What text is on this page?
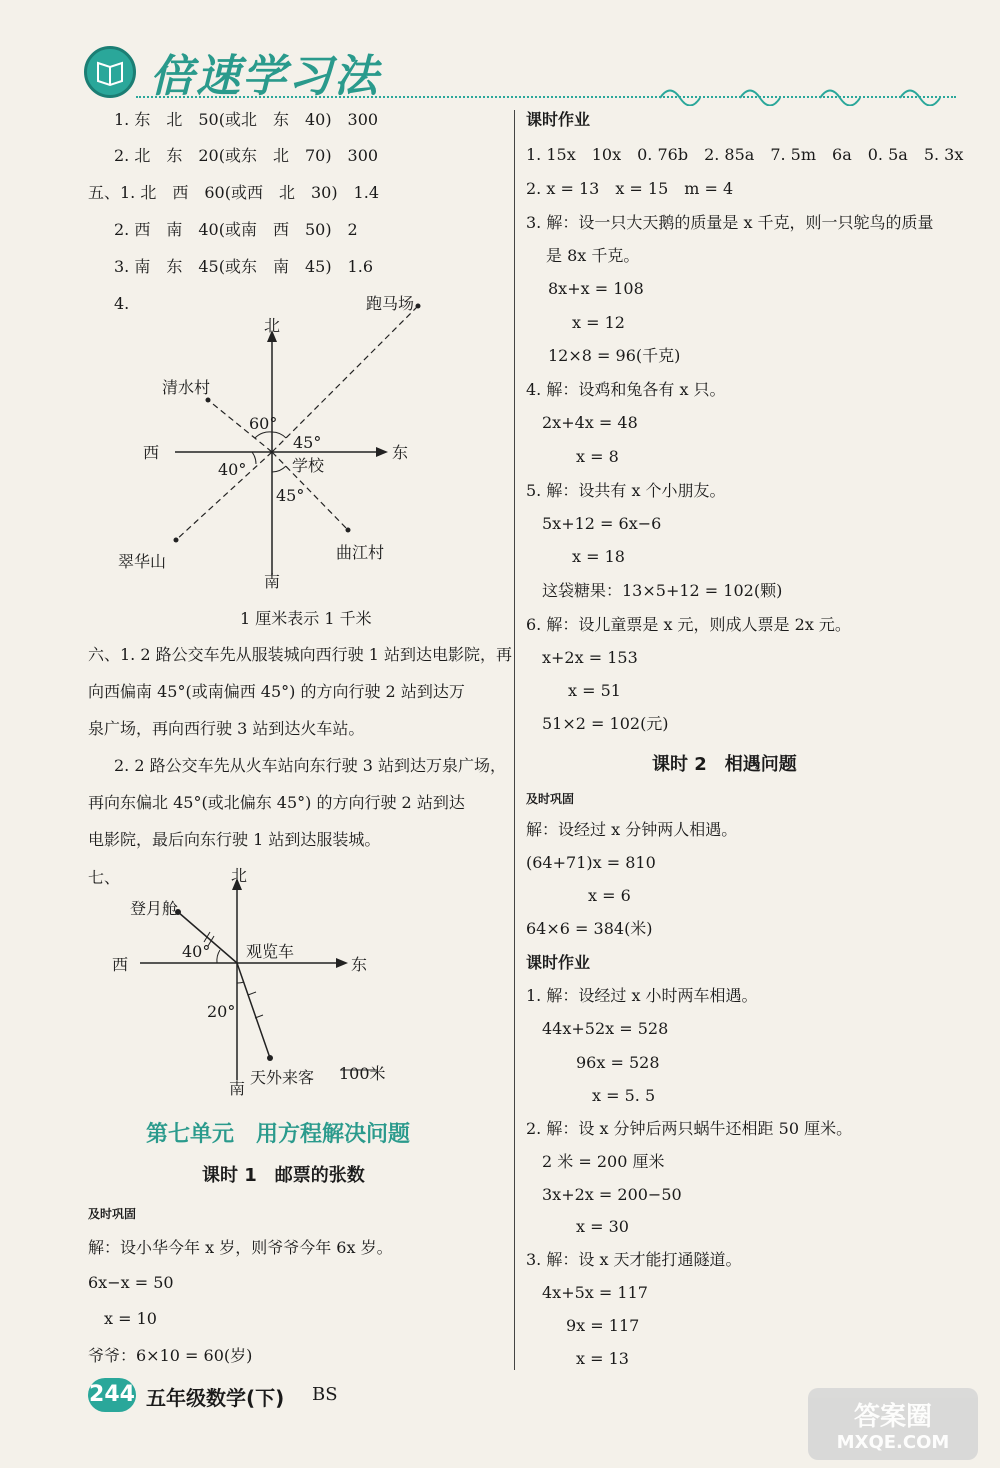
倍速学习法
1. 东　北　50(或北　东　40)　300
2. 北　东　20(或东　北　70)　300
五、1. 北　西　60(或西　北　30)　1.4
2. 西　南　40(或南　西　50)　2
3. 南　东　45(或东　南　45)　1.6
4.
北
南
东
西
跑马场
清水村
翠华山	曲江村
学校
60°
45°
40°
45°
1 厘米表示 1 千米
六、1. 2 路公交车先从服装城向西行驶 1 站到达电影院，再
向西偏南 45°(或南偏西 45°) 的方向行驶 2 站到达万
泉广场，再向西行驶 3 站到达火车站。
2. 2 路公交车先从火车站向东行驶 3 站到达万泉广场，
再向东偏北 45°(或北偏东 45°) 的方向行驶 2 站到达
电影院，最后向东行驶 1 站到达服装城。
七、	北
南
东
西
登月舱
观览车
天外来客
40°
20°
100米
第七单元　用方程解决问题
课时 1　邮票的张数
及时巩固
解：设小华今年 x 岁，则爷爷今年 6x 岁。
6x−x = 50
x = 10
爷爷：6×10 = 60(岁)
课时作业
1. 15x　10x　0. 76b　2. 85a　7. 5m　6a　0. 5a　5. 3x
2. x = 13　x = 15　m = 4
3. 解：设一只大天鹅的质量是 x 千克，则一只鸵鸟的质量
是 8x 千克。
8x+x = 108
x = 12
12×8 = 96(千克)
4. 解：设鸡和兔各有 x 只。
2x+4x = 48
x = 8
5. 解：设共有 x 个小朋友。
5x+12 = 6x−6
x = 18
这袋糖果：13×5+12 = 102(颗)
6. 解：设儿童票是 x 元，则成人票是 2x 元。
x+2x = 153
x = 51
51×2 = 102(元)
课时 2　相遇问题
及时巩固
解：设经过 x 分钟两人相遇。
(64+71)x = 810
x = 6
64×6 = 384(米)
课时作业
1. 解：设经过 x 小时两车相遇。
44x+52x = 528
96x = 528
x = 5. 5
2. 解：设 x 分钟后两只蜗牛还相距 50 厘米。
2 米 = 200 厘米
3x+2x = 200−50
x = 30
3. 解：设 x 天才能打通隧道。
4x+5x = 117
9x = 117
x = 13
244 五年级数学(下) BS
答案圈
MXQE.COM
